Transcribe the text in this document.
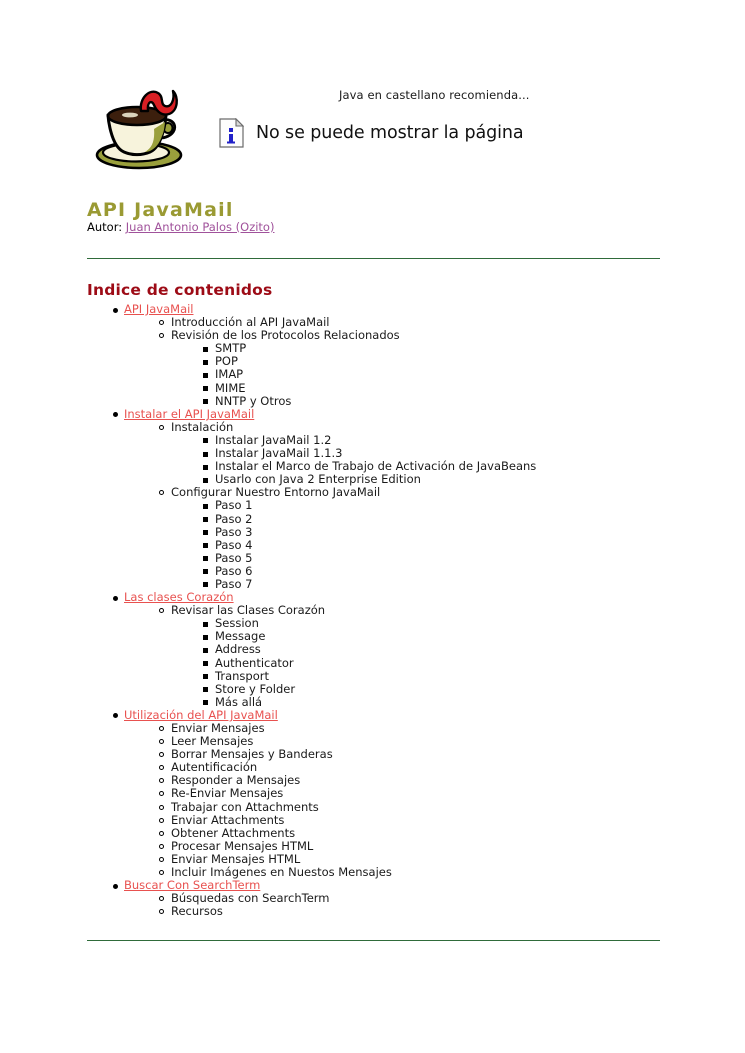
Java en castellano recomienda...
No se puede mostrar la página
API JavaMail
Autor: Juan Antonio Palos (Ozito)
Indice de contenidos
API JavaMail
Introducción al API JavaMail
Revisión de los Protocolos Relacionados
SMTP
POP
IMAP
MIME
NNTP y Otros
Instalar el API JavaMail
Instalación
Instalar JavaMail 1.2
Instalar JavaMail 1.1.3
Instalar el Marco de Trabajo de Activación de JavaBeans
Usarlo con Java 2 Enterprise Edition
Configurar Nuestro Entorno JavaMail
Paso 1
Paso 2
Paso 3
Paso 4
Paso 5
Paso 6
Paso 7
Las clases Corazón
Revisar las Clases Corazón
Session
Message
Address
Authenticator
Transport
Store y Folder
Más allá
Utilización del API JavaMail
Enviar Mensajes
Leer Mensajes
Borrar Mensajes y Banderas
Autentificación
Responder a Mensajes
Re-Enviar Mensajes
Trabajar con Attachments
Enviar Attachments
Obtener Attachments
Procesar Mensajes HTML
Enviar Mensajes HTML
Incluir Imágenes en Nuestos Mensajes
Buscar Con SearchTerm
Búsquedas con SearchTerm
Recursos
